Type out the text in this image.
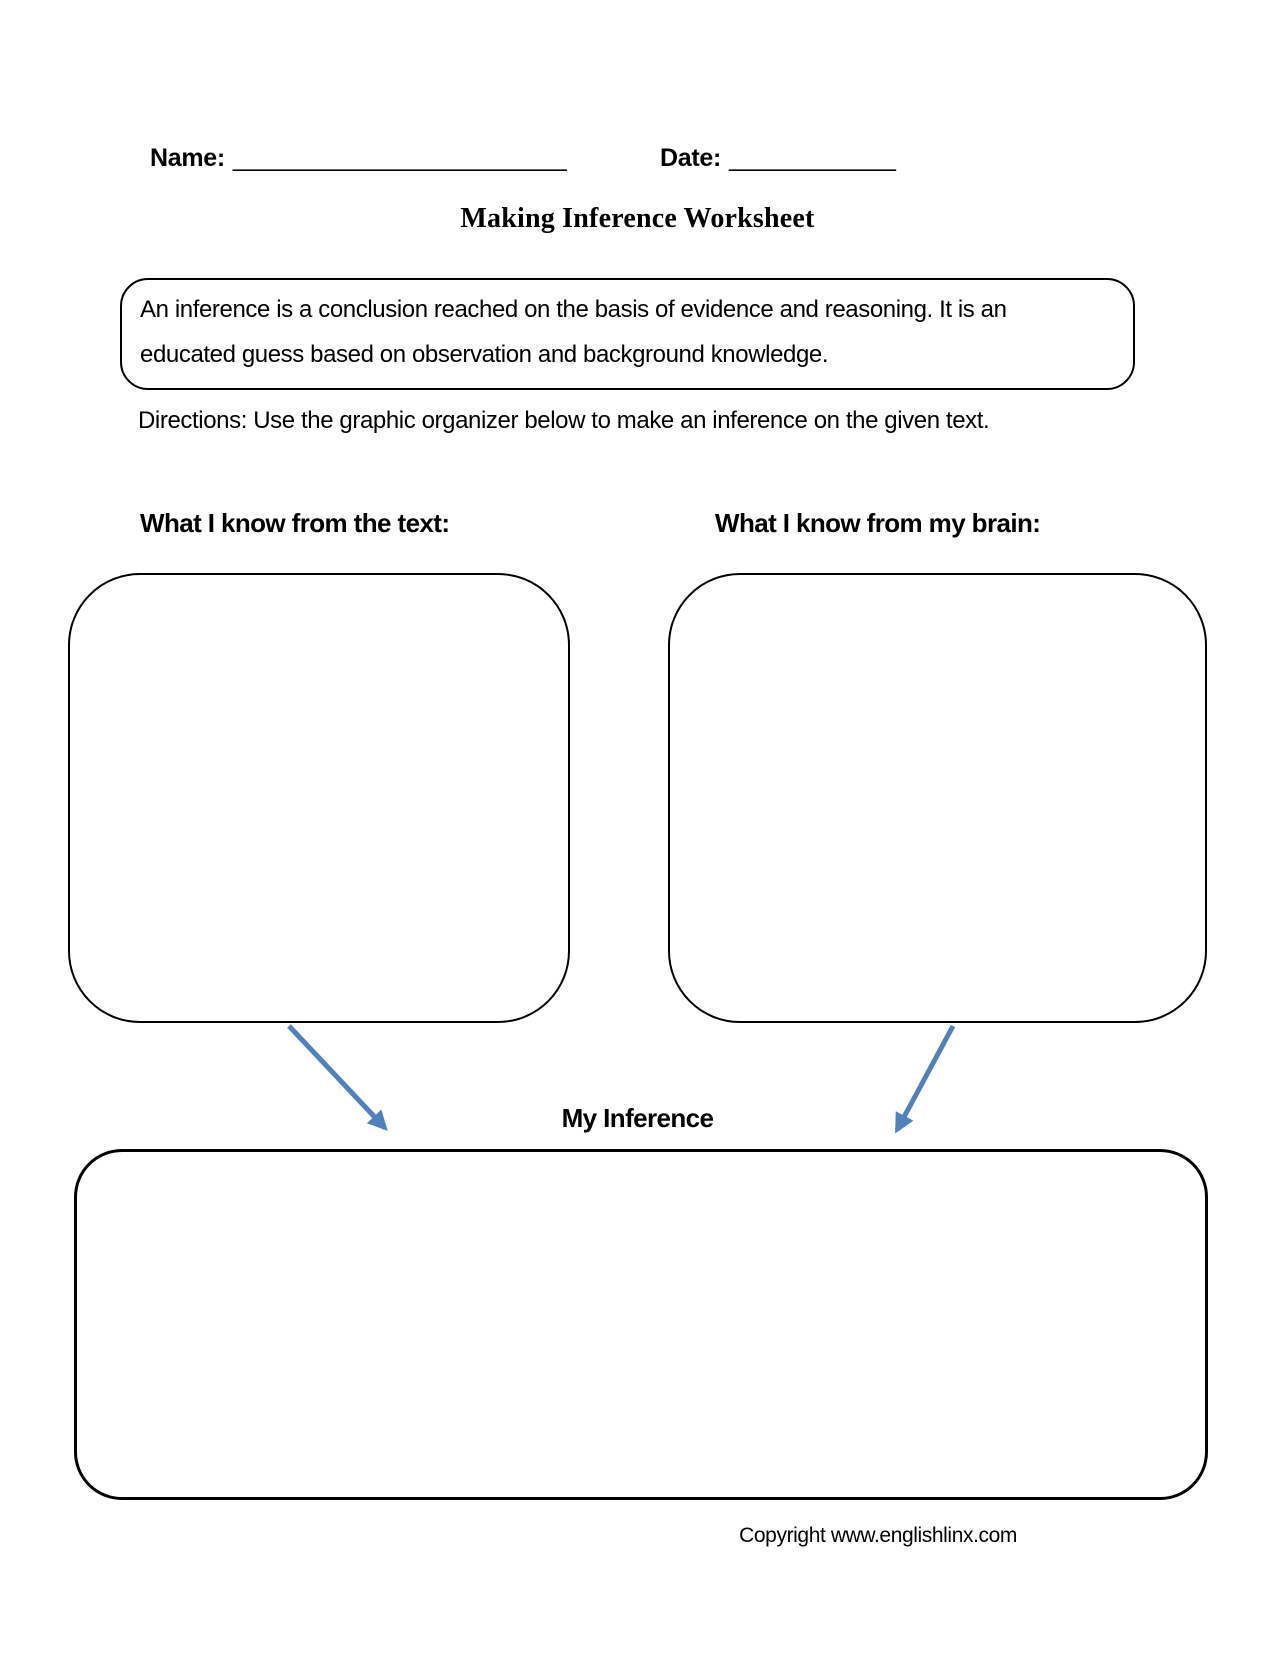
Name: ________________________	Date: ____________
Making Inference Worksheet
An inference is a conclusion reached on the basis of evidence and reasoning. It is an educated guess based on observation and background knowledge.
Directions: Use the graphic organizer below to make an inference on the given text.
What I know from the text:	What I know from my brain:
My Inference
Copyright www.englishlinx.com
